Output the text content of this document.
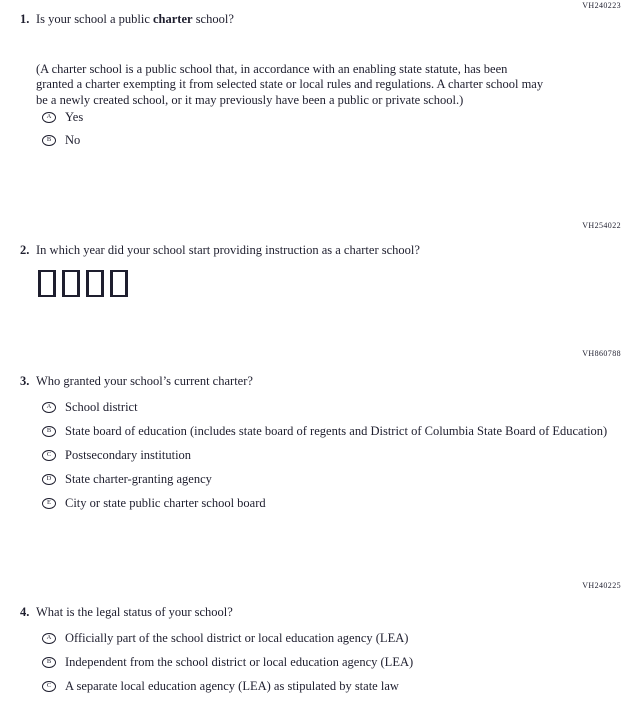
VH240223
VH254022
VH860788
VH240225
1. Is your school a public charter school?
(A charter school is a public school that, in accordance with an enabling state statute, has been granted a charter exempting it from selected state or local rules and regulations. A charter school may be a newly created school, or it may previously have been a public or private school.)
A	Yes
B	No
2. In which year did your school start providing instruction as a charter school?
3. Who granted your school’s current charter?
A	School district
B	State board of education (includes state board of regents and District of Columbia State Board of Education)
C	Postsecondary institution
D	State charter-granting agency
E	City or state public charter school board
4. What is the legal status of your school?
A	Officially part of the school district or local education agency (LEA)
B	Independent from the school district or local education agency (LEA)
C	A separate local education agency (LEA) as stipulated by state law
